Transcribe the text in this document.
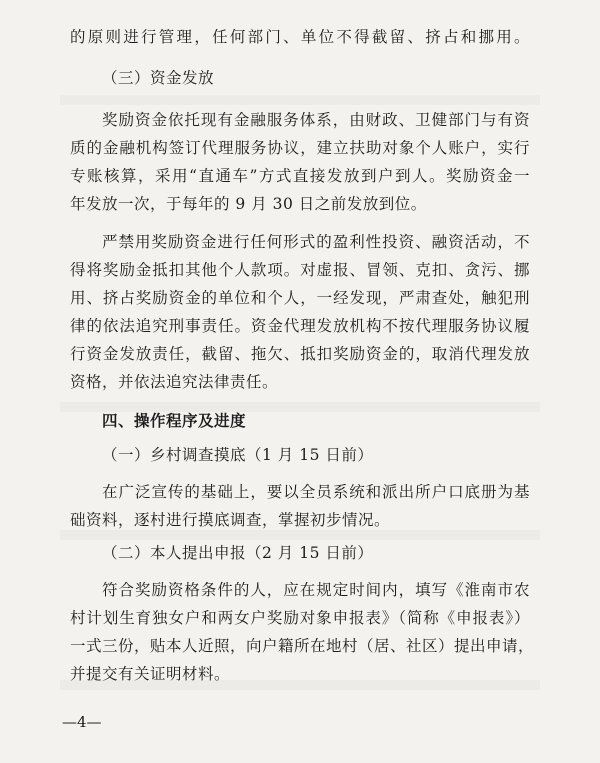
的原则进行管理，任何部门、单位不得截留、挤占和挪用。
（三）资金发放
奖励资金依托现有金融服务体系，由财政、卫健部门与有资
质的金融机构签订代理服务协议，建立扶助对象个人账户，实行
专账核算，采用“直通车”方式直接发放到户到人。奖励资金一
年发放一次，于每年的 9 月 30 日之前发放到位。
严禁用奖励资金进行任何形式的盈利性投资、融资活动，不
得将奖励金抵扣其他个人款项。对虚报、冒领、克扣、贪污、挪
用、挤占奖励资金的单位和个人，一经发现，严肃查处，触犯刑
律的依法追究刑事责任。资金代理发放机构不按代理服务协议履
行资金发放责任，截留、拖欠、抵扣奖励资金的，取消代理发放
资格，并依法追究法律责任。
四、操作程序及进度
（一）乡村调查摸底（1 月 15 日前）
在广泛宣传的基础上，要以全员系统和派出所户口底册为基
础资料，逐村进行摸底调查，掌握初步情况。
（二）本人提出申报（2 月 15 日前）
符合奖励资格条件的人，应在规定时间内，填写《淮南市农
村计划生育独女户和两女户奖励对象申报表》（简称《申报表》）
一式三份，贴本人近照，向户籍所在地村（居、社区）提出申请，
并提交有关证明材料。
—4—
